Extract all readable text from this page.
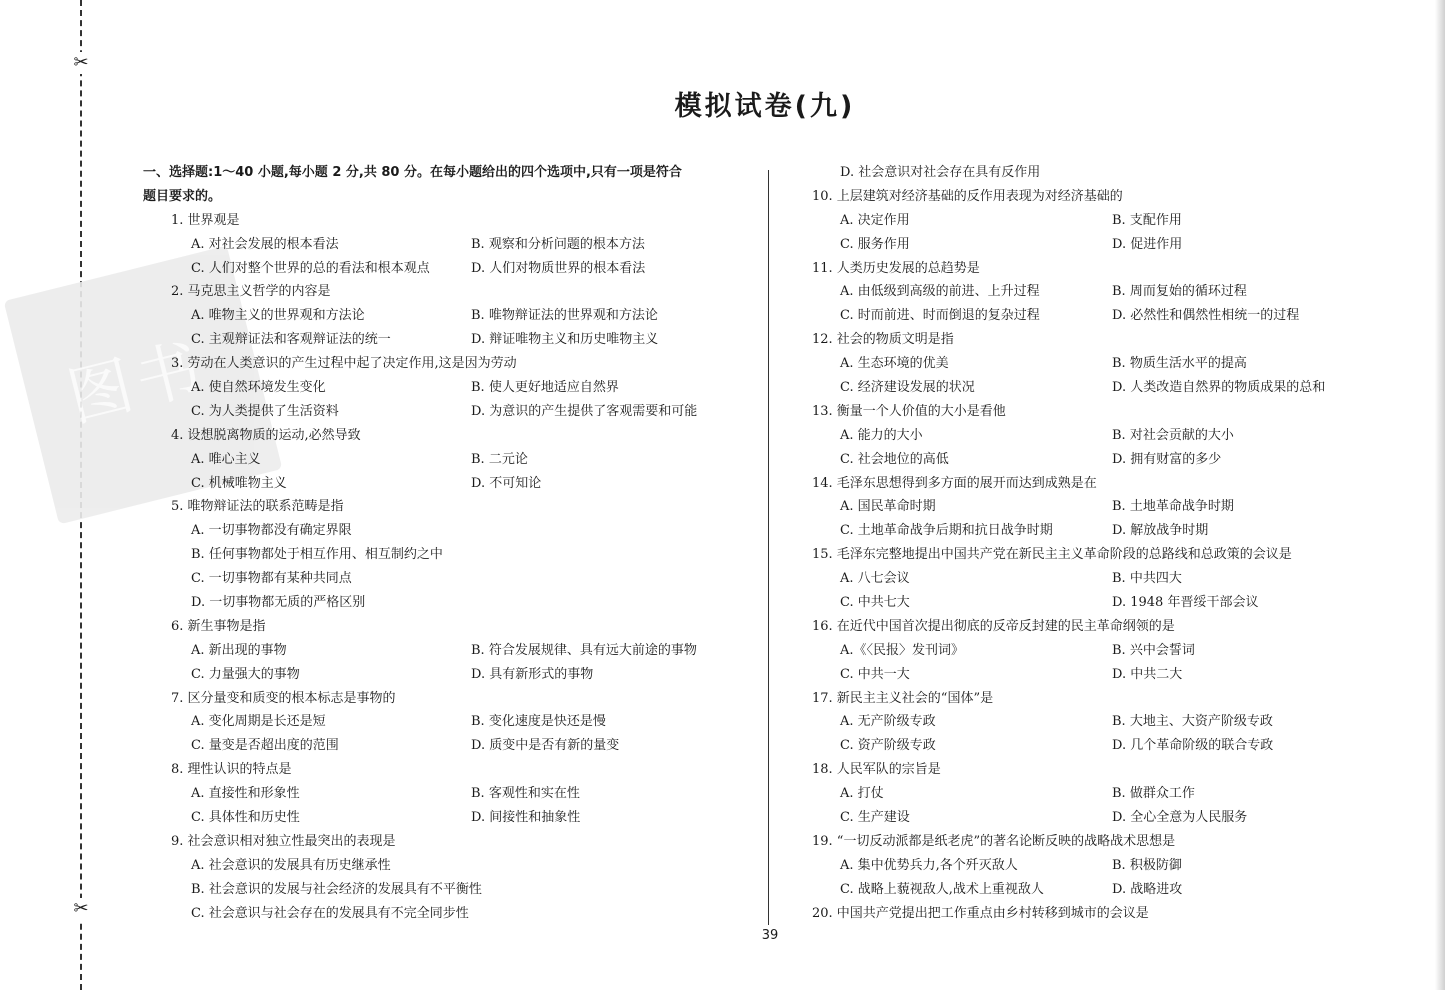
✂
✂
图书
模拟试卷(九)
一、选择题:1～40 小题,每小题 2 分,共 80 分。在每小题给出的四个选项中,只有一项是符合
题目要求的。
1. 世界观是
A. 对社会发展的根本看法	B. 观察和分析问题的根本方法
C. 人们对整个世界的总的看法和根本观点	D. 人们对物质世界的根本看法
2. 马克思主义哲学的内容是
A. 唯物主义的世界观和方法论	B. 唯物辩证法的世界观和方法论
C. 主观辩证法和客观辩证法的统一	D. 辩证唯物主义和历史唯物主义
3. 劳动在人类意识的产生过程中起了决定作用,这是因为劳动
A. 使自然环境发生变化	B. 使人更好地适应自然界
C. 为人类提供了生活资料	D. 为意识的产生提供了客观需要和可能
4. 设想脱离物质的运动,必然导致
A. 唯心主义	B. 二元论
C. 机械唯物主义	D. 不可知论
5. 唯物辩证法的联系范畴是指
A. 一切事物都没有确定界限
B. 任何事物都处于相互作用、相互制约之中
C. 一切事物都有某种共同点
D. 一切事物都无质的严格区别
6. 新生事物是指
A. 新出现的事物	B. 符合发展规律、具有远大前途的事物
C. 力量强大的事物	D. 具有新形式的事物
7. 区分量变和质变的根本标志是事物的
A. 变化周期是长还是短	B. 变化速度是快还是慢
C. 量变是否超出度的范围	D. 质变中是否有新的量变
8. 理性认识的特点是
A. 直接性和形象性	B. 客观性和实在性
C. 具体性和历史性	D. 间接性和抽象性
9. 社会意识相对独立性最突出的表现是
A. 社会意识的发展具有历史继承性
B. 社会意识的发展与社会经济的发展具有不平衡性
C. 社会意识与社会存在的发展具有不完全同步性
D. 社会意识对社会存在具有反作用
10. 上层建筑对经济基础的反作用表现为对经济基础的
A. 决定作用	B. 支配作用
C. 服务作用	D. 促进作用
11. 人类历史发展的总趋势是
A. 由低级到高级的前进、上升过程	B. 周而复始的循环过程
C. 时而前进、时而倒退的复杂过程	D. 必然性和偶然性相统一的过程
12. 社会的物质文明是指
A. 生态环境的优美	B. 物质生活水平的提高
C. 经济建设发展的状况	D. 人类改造自然界的物质成果的总和
13. 衡量一个人价值的大小是看他
A. 能力的大小	B. 对社会贡献的大小
C. 社会地位的高低	D. 拥有财富的多少
14. 毛泽东思想得到多方面的展开而达到成熟是在
A. 国民革命时期	B. 土地革命战争时期
C. 土地革命战争后期和抗日战争时期	D. 解放战争时期
15. 毛泽东完整地提出中国共产党在新民主主义革命阶段的总路线和总政策的会议是
A. 八七会议	B. 中共四大
C. 中共七大	D. 1948 年晋绥干部会议
16. 在近代中国首次提出彻底的反帝反封建的民主革命纲领的是
A.《〈民报〉发刊词》	B. 兴中会誓词
C. 中共一大	D. 中共二大
17. 新民主主义社会的“国体”是
A. 无产阶级专政	B. 大地主、大资产阶级专政
C. 资产阶级专政	D. 几个革命阶级的联合专政
18. 人民军队的宗旨是
A. 打仗	B. 做群众工作
C. 生产建设	D. 全心全意为人民服务
19. “一切反动派都是纸老虎”的著名论断反映的战略战术思想是
A. 集中优势兵力,各个歼灭敌人	B. 积极防御
C. 战略上藐视敌人,战术上重视敌人	D. 战略进攻
20. 中国共产党提出把工作重点由乡村转移到城市的会议是
39
